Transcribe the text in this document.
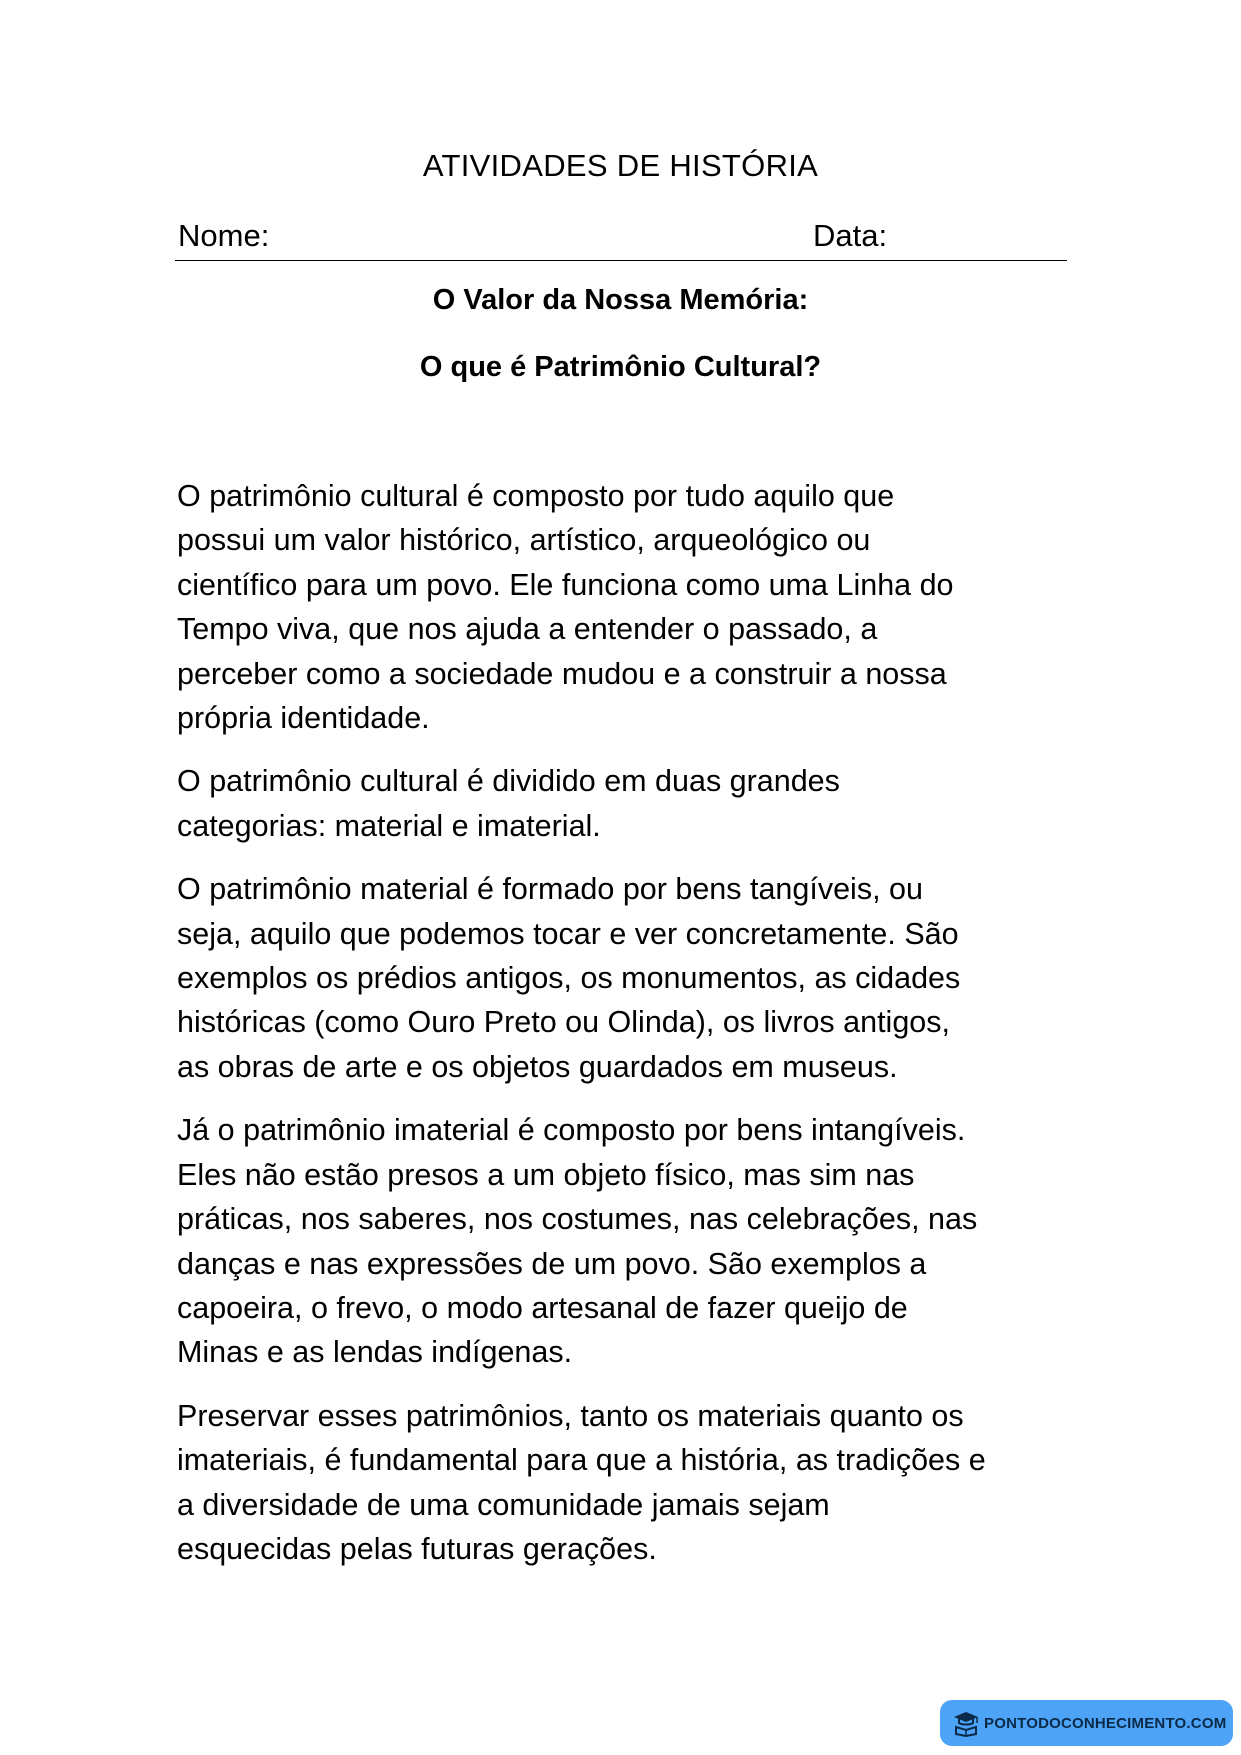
ATIVIDADES DE HISTÓRIA
Nome:	Data:
O Valor da Nossa Memória:
O que é Patrimônio Cultural?

O patrimônio cultural é composto por tudo aquilo que
possui um valor histórico, artístico, arqueológico ou
científico para um povo. Ele funciona como uma Linha do
Tempo viva, que nos ajuda a entender o passado, a
perceber como a sociedade mudou e a construir a nossa
própria identidade.

O patrimônio cultural é dividido em duas grandes
categorias: material e imaterial.

O patrimônio material é formado por bens tangíveis, ou
seja, aquilo que podemos tocar e ver concretamente. São
exemplos os prédios antigos, os monumentos, as cidades
históricas (como Ouro Preto ou Olinda), os livros antigos,
as obras de arte e os objetos guardados em museus.

Já o patrimônio imaterial é composto por bens intangíveis.
Eles não estão presos a um objeto físico, mas sim nas
práticas, nos saberes, nos costumes, nas celebrações, nas
danças e nas expressões de um povo. São exemplos a
capoeira, o frevo, o modo artesanal de fazer queijo de
Minas e as lendas indígenas.

Preservar esses patrimônios, tanto os materiais quanto os
imateriais, é fundamental para que a história, as tradições e
a diversidade de uma comunidade jamais sejam
esquecidas pelas futuras gerações.

PONTODOCONHECIMENTO.COM
